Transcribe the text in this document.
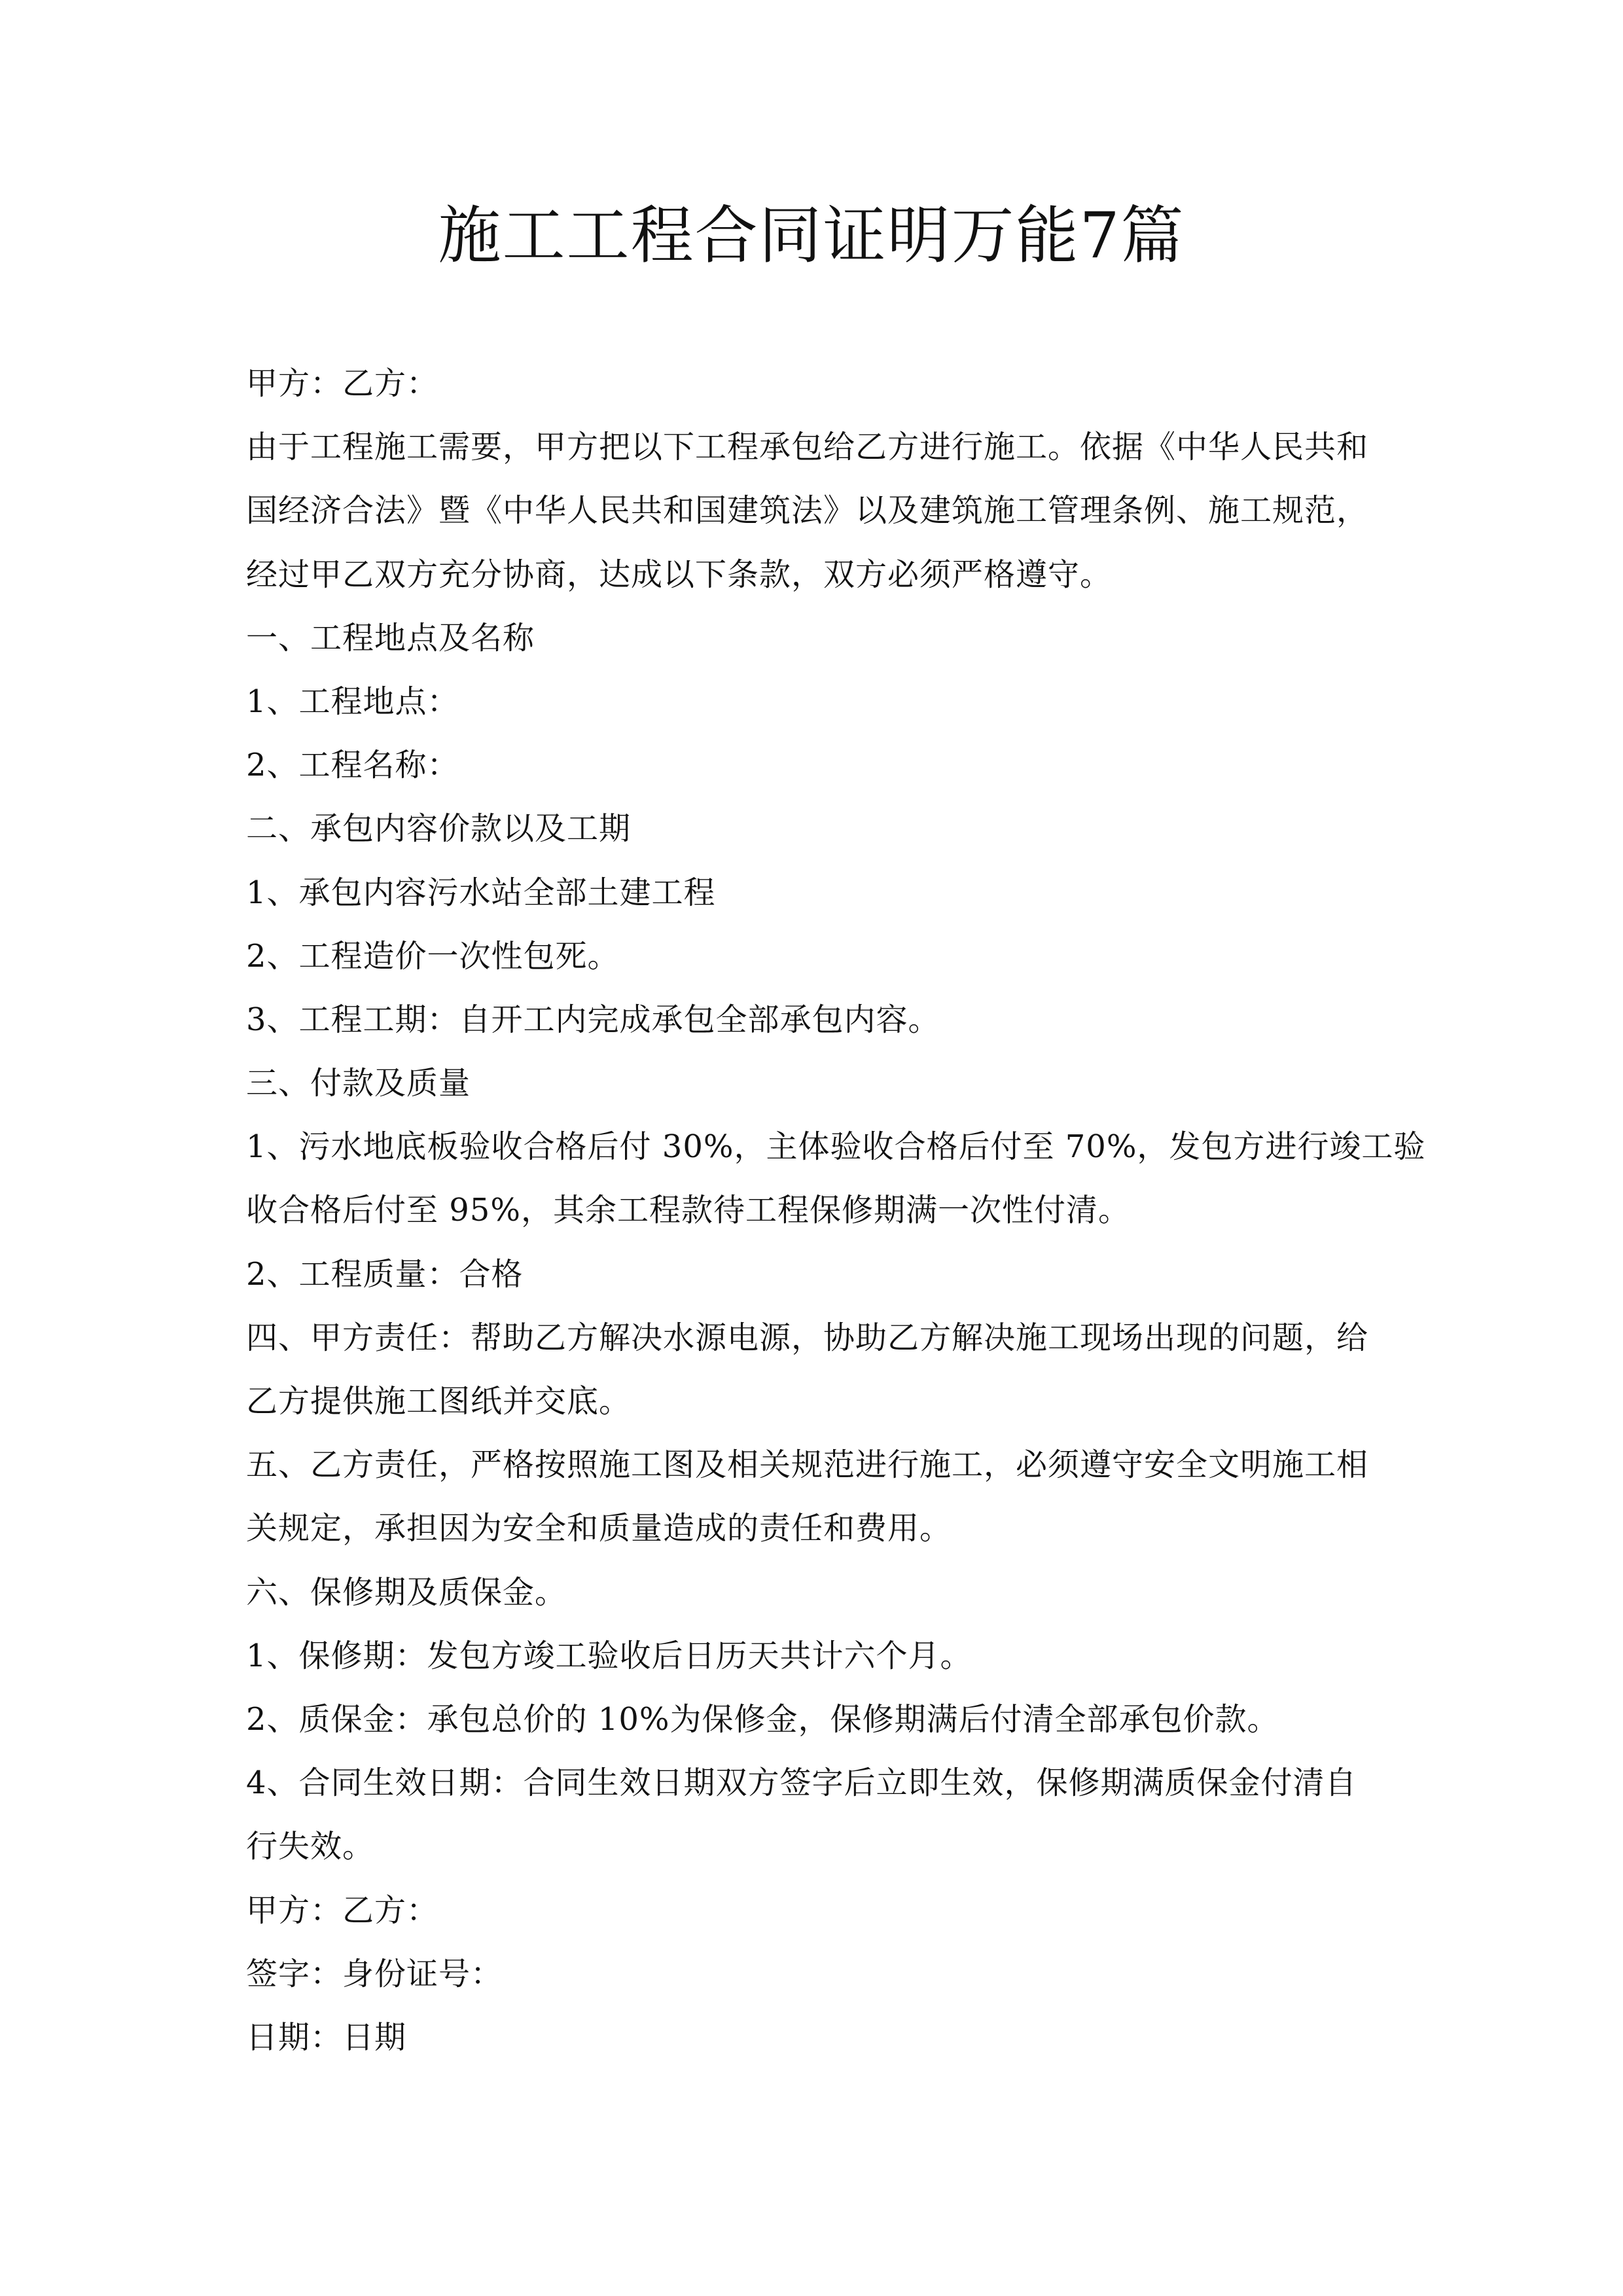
施工工程合同证明万能7篇

甲方：乙方：

由于工程施工需要，甲方把以下工程承包给乙方进行施工。依据《中华人民共和

国经济合法》暨《中华人民共和国建筑法》以及建筑施工管理条例、施工规范，

经过甲乙双方充分协商，达成以下条款，双方必须严格遵守。

一、工程地点及名称

1、工程地点：

2、工程名称：

二、承包内容价款以及工期

1、承包内容污水站全部土建工程

2、工程造价一次性包死。

3、工程工期：自开工内完成承包全部承包内容。

三、付款及质量

1、污水地底板验收合格后付 30%，主体验收合格后付至 70%，发包方进行竣工验

收合格后付至 95%，其余工程款待工程保修期满一次性付清。

2、工程质量：合格

四、甲方责任：帮助乙方解决水源电源，协助乙方解决施工现场出现的问题，给

乙方提供施工图纸并交底。

五、乙方责任，严格按照施工图及相关规范进行施工，必须遵守安全文明施工相

关规定，承担因为安全和质量造成的责任和费用。

六、保修期及质保金。

1、保修期：发包方竣工验收后日历天共计六个月。

2、质保金：承包总价的 10%为保修金，保修期满后付清全部承包价款。

4、合同生效日期：合同生效日期双方签字后立即生效，保修期满质保金付清自

行失效。

甲方：乙方：

签字：身份证号：

日期：日期
